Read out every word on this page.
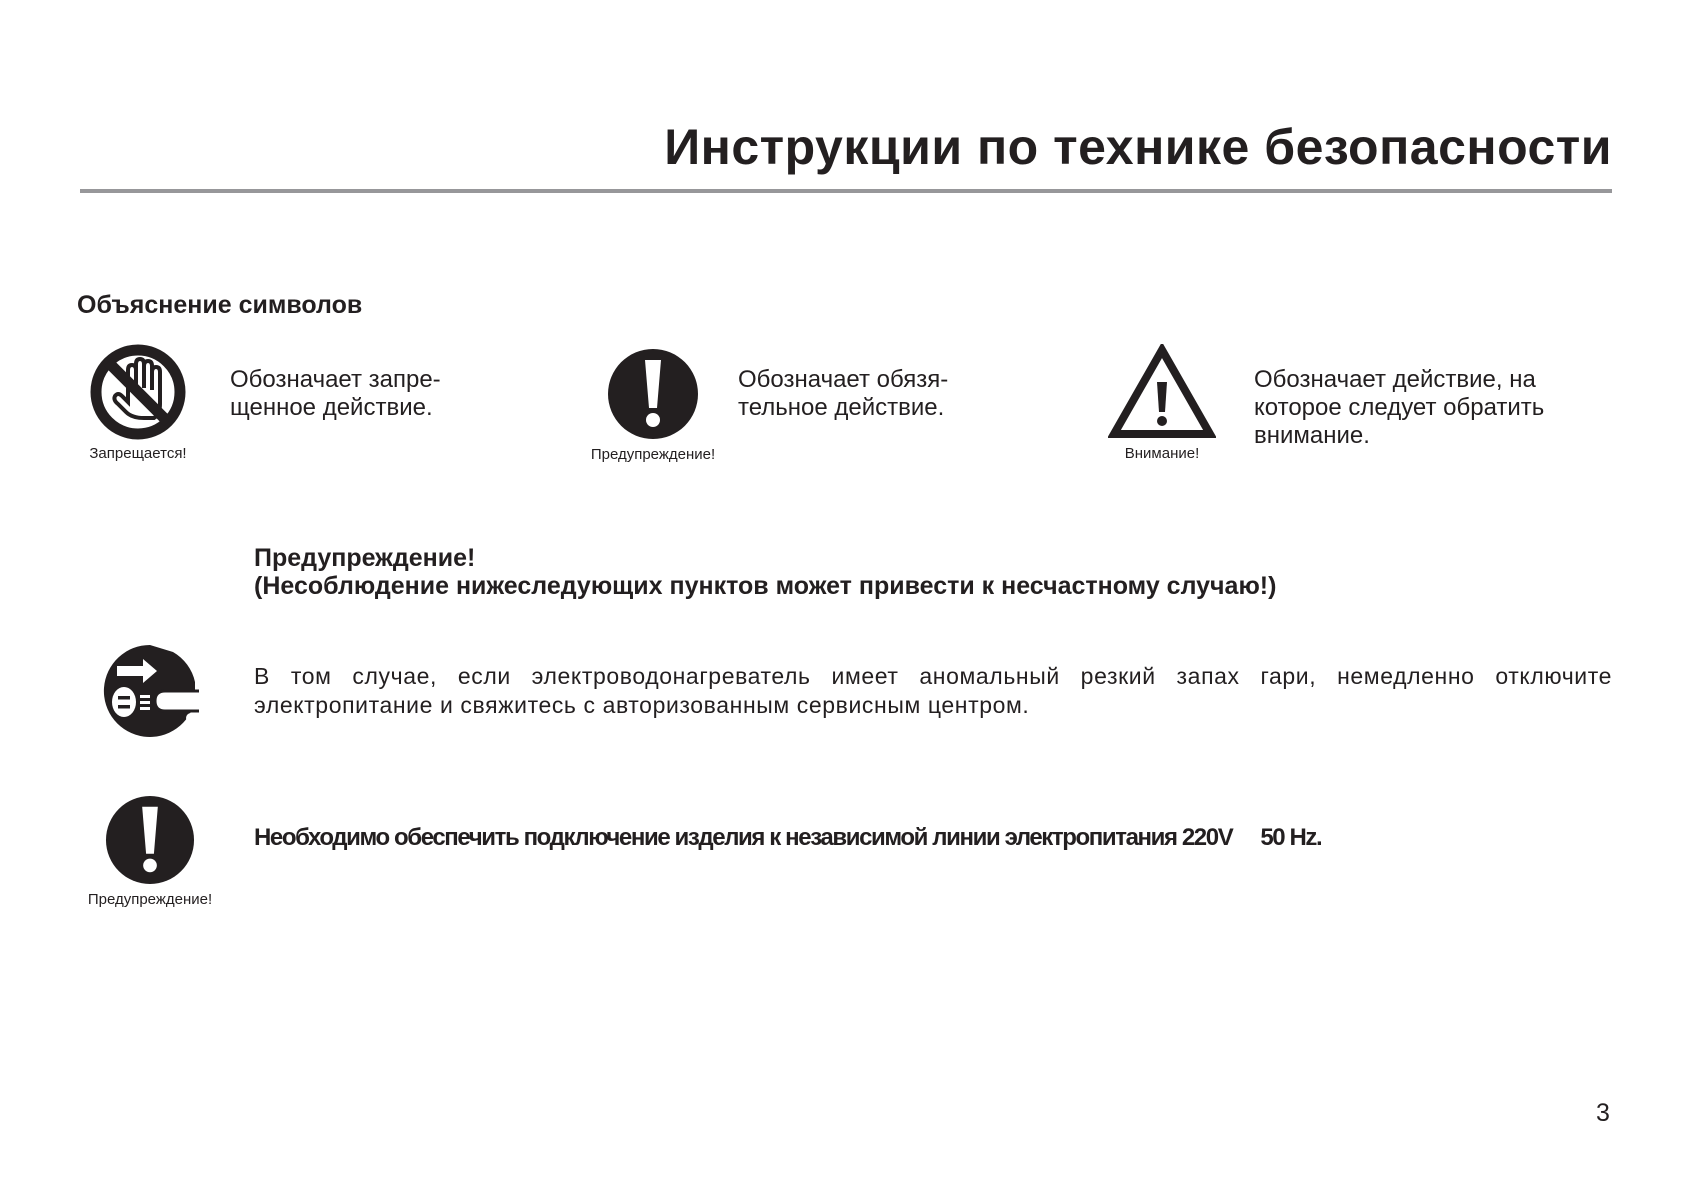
Инструкции по технике безопасности
Объяснение символов
Запрещается!
Обозначает запре-
щенное действие.
Предупреждение!
Обозначает обязя-
тельное действие.
Внимание!
Обозначает действие, на
которое следует обратить
внимание.
Предупреждение!
(Несоблюдение нижеследующих пунктов может привести к несчастному случаю!)
В том случае, если электроводонагреватель имеет аномальный резкий запах гари, немедленно отключите электропитание и свяжитесь с авторизованным сервисным центром.
Предупреждение!
Необходимо обеспечить подключение изделия к независимой линии электропитания 220V 50 Hz.
3
